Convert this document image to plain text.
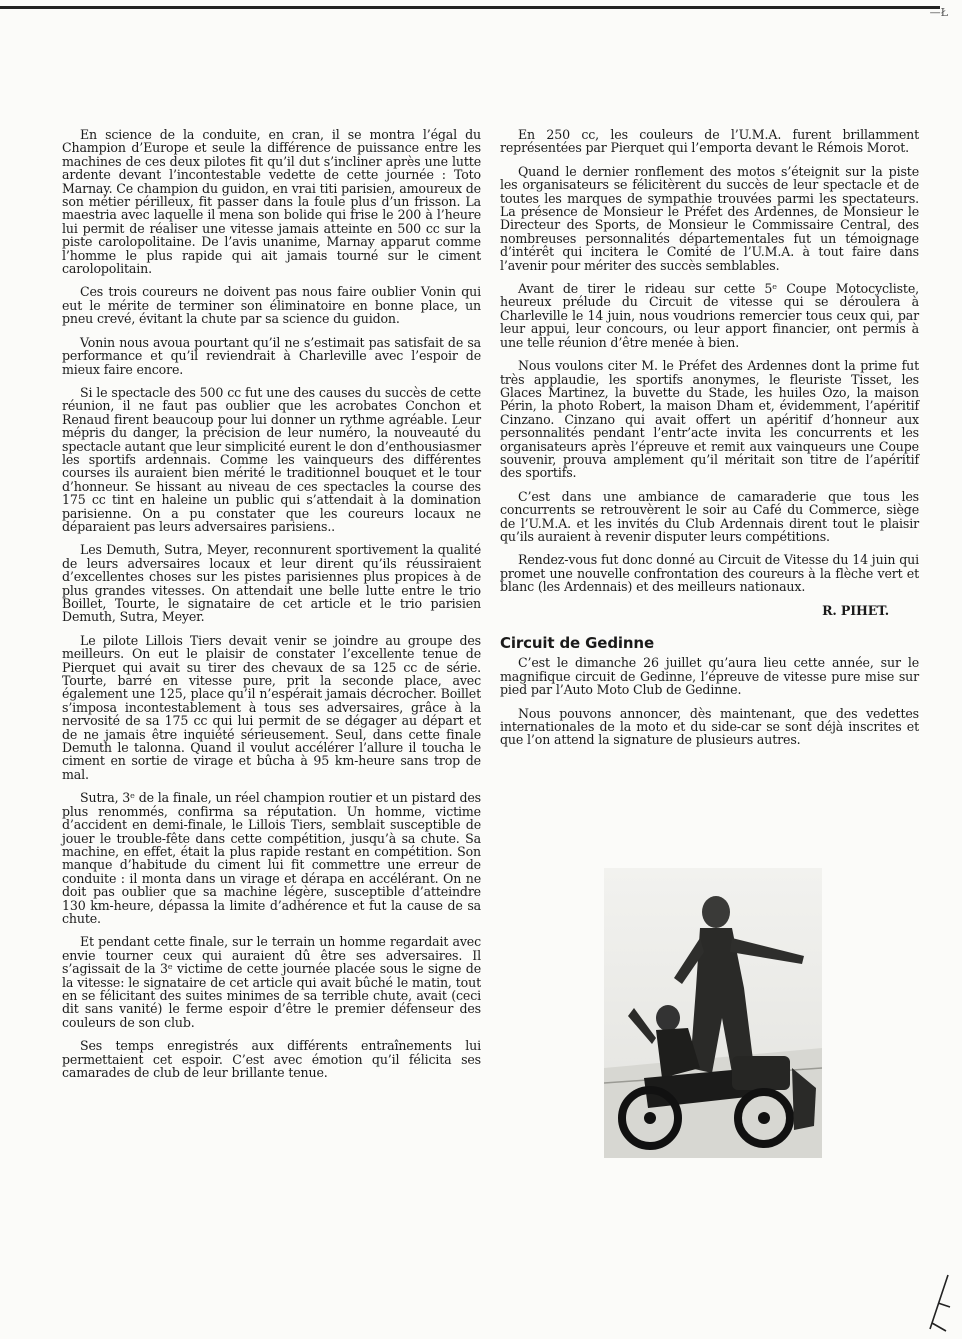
—Ł

En science de la conduite, en cran, il se montra l’égal du Champion d’Europe et seule la différence de puissance entre les machines de ces deux pilotes fit qu’il dut s’incliner après une lutte ardente devant l’incontestable vedette de cette journée : Toto Marnay. Ce champion du guidon, en vrai titi parisien, amoureux de son métier périlleux, fit passer dans la foule plus d’un frisson. La maestria avec laquelle il mena son bolide qui frise le 200 à l’heure lui permit de réaliser une vitesse jamais atteinte en 500 cc sur la piste carolopolitaine. De l’avis unanime, Marnay apparut comme l’homme le plus rapide qui ait jamais tourné sur le ciment carolopolitain.

Ces trois coureurs ne doivent pas nous faire oublier Vonin qui eut le mérite de terminer son éliminatoire en bonne place, un pneu crevé, évitant la chute par sa science du guidon.

Vonin nous avoua pourtant qu’il ne s’estimait pas satisfait de sa performance et qu’il reviendrait à Charleville avec l’espoir de mieux faire encore.

Si le spectacle des 500 cc fut une des causes du succès de cette réunion, il ne faut pas oublier que les acrobates Conchon et Renaud firent beaucoup pour lui donner un rythme agréable. Leur mépris du danger, la précision de leur numéro, la nouveauté du spectacle autant que leur simplicité eurent le don d’enthousiasmer les sportifs ardennais. Comme les vainqueurs des différentes courses ils auraient bien mérité le traditionnel bouquet et le tour d’honneur. Se hissant au niveau de ces spectacles la course des 175 cc tint en haleine un public qui s’attendait à la domination parisienne. On a pu constater que les coureurs locaux ne déparaient pas leurs adversaires parisiens..

Les Demuth, Sutra, Meyer, reconnurent sportivement la qualité de leurs adversaires locaux et leur dirent qu’ils réussiraient d’excellentes choses sur les pistes parisiennes plus propices à de plus grandes vitesses. On attendait une belle lutte entre le trio Boillet, Tourte, le signataire de cet article et le trio parisien Demuth, Sutra, Meyer.

Le pilote Lillois Tiers devait venir se joindre au groupe des meilleurs. On eut le plaisir de constater l’excellente tenue de Pierquet qui avait su tirer des chevaux de sa 125 cc de série. Tourte, barré en vitesse pure, prit la seconde place, avec également une 125, place qu’il n’espérait jamais décrocher. Boillet s’imposa incontestablement à tous ses adversaires, grâce à la nervosité de sa 175 cc qui lui permit de se dégager au départ et de ne jamais être inquiété sérieusement. Seul, dans cette finale Demuth le talonna. Quand il voulut accélérer l’allure il toucha le ciment en sortie de virage et bûcha à 95 km-heure sans trop de mal.

Sutra, 3ᵉ de la finale, un réel champion routier et un pistard des plus renommés, confirma sa réputation. Un homme, victime d’accident en demi-finale, le Lillois Tiers, semblait susceptible de jouer le trouble-fête dans cette compétition, jusqu’à sa chute. Sa machine, en effet, était la plus rapide restant en compétition. Son manque d’habitude du ciment lui fit commettre une erreur de conduite : il monta dans un virage et dérapa en accélérant. On ne doit pas oublier que sa machine légère, susceptible d’atteindre 130 km-heure, dépassa la limite d’adhérence et fut la cause de sa chute.

Et pendant cette finale, sur le terrain un homme regardait avec envie tourner ceux qui auraient dû être ses adversaires. Il s’agissait de la 3ᵉ victime de cette journée placée sous le signe de la vitesse: le signataire de cet article qui avait bûché le matin, tout en se félicitant des suites minimes de sa terrible chute, avait (ceci dit sans vanité) le ferme espoir d’être le premier défenseur des couleurs de son club.

Ses temps enregistrés aux différents entraînements lui permettaient cet espoir. C’est avec émotion qu’il félicita ses camarades de club de leur brillante tenue.

En 250 cc, les couleurs de l’U.M.A. furent brillamment représentées par Pierquet qui l’emporta devant le Rémois Morot.

Quand le dernier ronflement des motos s’éteignit sur la piste les organisateurs se félicitèrent du succès de leur spectacle et de toutes les marques de sympathie trouvées parmi les spectateurs. La présence de Monsieur le Préfet des Ardennes, de Monsieur le Directeur des Sports, de Monsieur le Commissaire Central, des nombreuses personnalités départementales fut un témoignage d’intérêt qui incitera le Comité de l’U.M.A. à tout faire dans l’avenir pour mériter des succès semblables.

Avant de tirer le rideau sur cette 5ᵉ Coupe Motocycliste, heureux prélude du Circuit de vitesse qui se déroulera à Charleville le 14 juin, nous voudrions remercier tous ceux qui, par leur appui, leur concours, ou leur apport financier, ont permis à une telle réunion d’être menée à bien.

Nous voulons citer M. le Préfet des Ardennes dont la prime fut très applaudie, les sportifs anonymes, le fleuriste Tisset, les Glaces Martinez, la buvette du Stade, les huiles Ozo, la maison Périn, la photo Robert, la maison Dham et, évidemment, l’apéritif Cinzano. Cinzano qui avait offert un apéritif d’honneur aux personnalités pendant l’entr’acte invita les concurrents et les organisateurs après l’épreuve et remit aux vainqueurs une Coupe souvenir, prouva amplement qu’il méritait son titre de l’apéritif des sportifs.

C’est dans une ambiance de camaraderie que tous les concurrents se retrouvèrent le soir au Café du Commerce, siège de l’U.M.A. et les invités du Club Ardennais dirent tout le plaisir qu’ils auraient à revenir disputer leurs compétitions.

Rendez-vous fut donc donné au Circuit de Vitesse du 14 juin qui promet une nouvelle confrontation des coureurs à la flèche vert et blanc (les Ardennais) et des meilleurs nationaux.

R. PIHET.
Circuit de Gedinne

C’est le dimanche 26 juillet qu’aura lieu cette année, sur le magnifique circuit de Gedinne, l’épreuve de vitesse pure mise sur pied par l’Auto Moto Club de Gedinne.

Nous pouvons annoncer, dès maintenant, que des vedettes internationales de la moto et du side-car se sont déjà inscrites et que l’on attend la signature de plusieurs autres.
